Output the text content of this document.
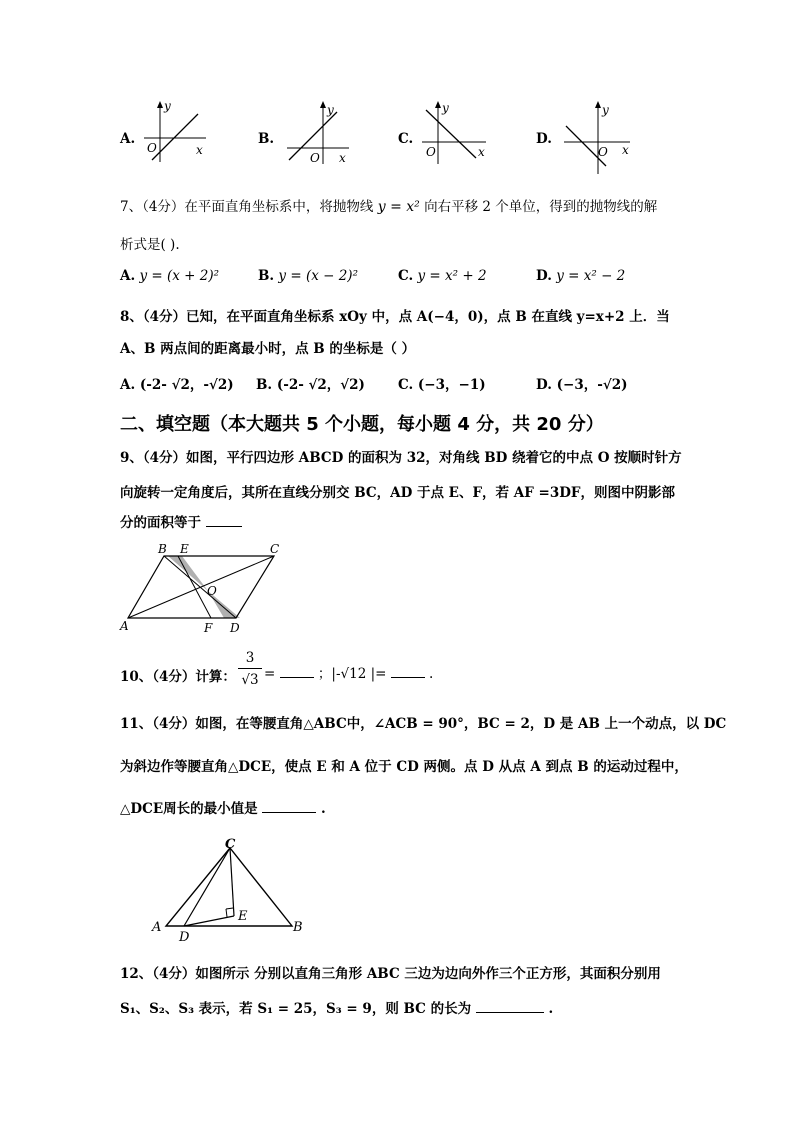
A.
y
x
O
B.
y
x
O
C.
y
x
O
D.
y
x
O
7、（4分）在平面直角坐标系中，将抛物线 y = x² 向右平移 2 个单位，得到的抛物线的解
析式是( ).
A. y = (x + 2)²	B. y = (x − 2)²	C. y = x² + 2	D. y = x² − 2
8、（4分）已知，在平面直角坐标系 xOy 中，点 A(−4，0)，点 B 在直线 y=x+2 上．当
A、B 两点间的距离最小时，点 B 的坐标是（ ）
A. (-2- √2，-√2) B. (-2- √2，√2) C. (−3，−1)	D. (−3，-√2)
二、填空题（本大题共 5 个小题，每小题 4 分，共 20 分）
9、（4分）如图，平行四边形 ABCD 的面积为 32，对角线 BD 绕着它的中点 O 按顺时针方
向旋转一定角度后，其所在直线分别交 BC，AD 于点 E、F，若 AF =3DF，则图中阴影部
分的面积等于
B E	C
O
A	F D
10、（4分）计算：
3
√3 =	；|-√12 |=	.
11、（4分）如图，在等腰直角△ABC中，∠ACB = 90°，BC = 2，D 是 AB 上一个动点，以 DC
为斜边作等腰直角△DCE，使点 E 和 A 位于 CD 两侧。点 D 从点 A 到点 B 的运动过程中，
△DCE周长的最小值是	.
C
A
D
E
B
12、（4分）如图所示 分别以直角三角形 ABC 三边为边向外作三个正方形，其面积分别用
S₁、S₂、S₃ 表示，若 S₁ = 25，S₃ = 9，则 BC 的长为	.
